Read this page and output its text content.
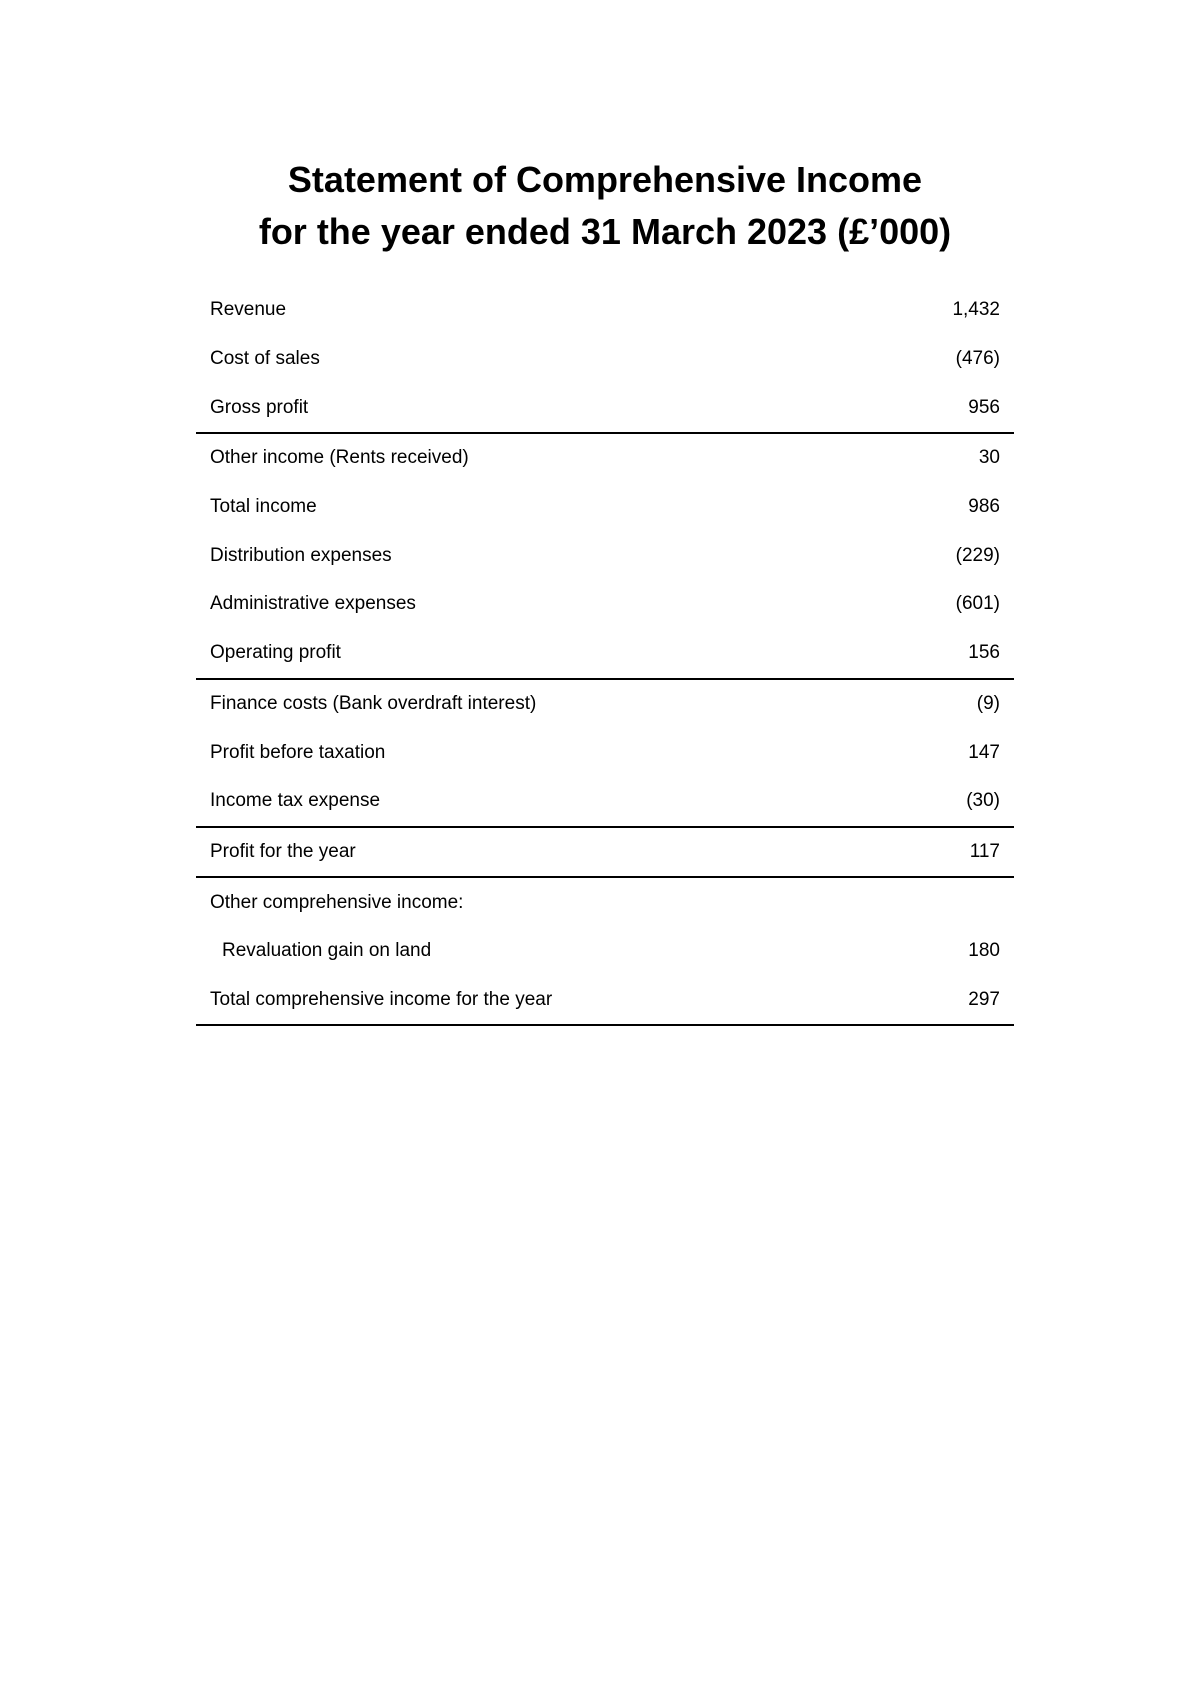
Statement of Comprehensive Income
for the year ended 31 March 2023 (£’000)
Revenue	1,432
Cost of sales	(476)
Gross profit	956
Other income (Rents received)	30
Total income	986
Distribution expenses	(229)
Administrative expenses	(601)
Operating profit	156
Finance costs (Bank overdraft interest)	(9)
Profit before taxation	147
Income tax expense	(30)
Profit for the year	117
Other comprehensive income:	
Revaluation gain on land	180
Total comprehensive income for the year	297
